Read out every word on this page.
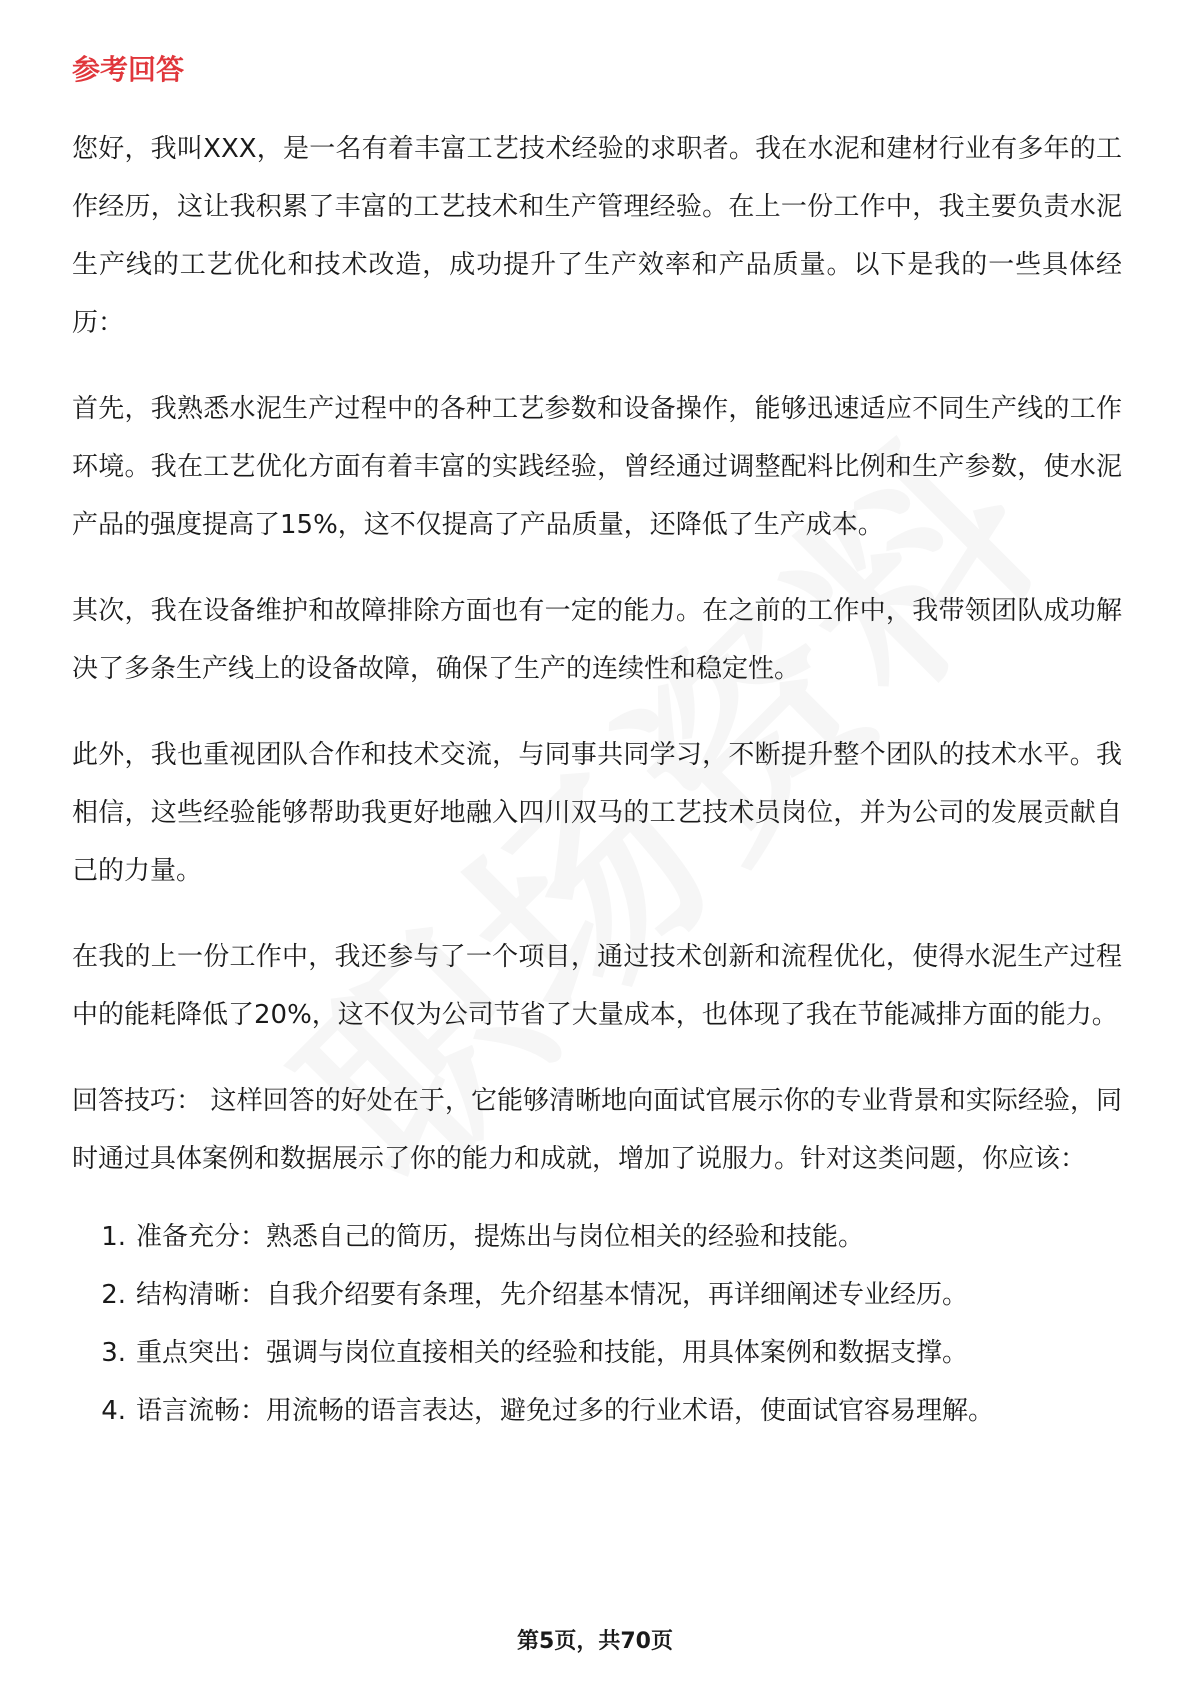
参考回答

您好，我叫XXX，是一名有着丰富工艺技术经验的求职者。我在水泥和建材行业有多年的工作经历，这让我积累了丰富的工艺技术和生产管理经验。在上一份工作中，我主要负责水泥生产线的工艺优化和技术改造，成功提升了生产效率和产品质量。以下是我的一些具体经历：

首先，我熟悉水泥生产过程中的各种工艺参数和设备操作，能够迅速适应不同生产线的工作环境。我在工艺优化方面有着丰富的实践经验，曾经通过调整配料比例和生产参数，使水泥产品的强度提高了15%，这不仅提高了产品质量，还降低了生产成本。

其次，我在设备维护和故障排除方面也有一定的能力。在之前的工作中，我带领团队成功解决了多条生产线上的设备故障，确保了生产的连续性和稳定性。

此外，我也重视团队合作和技术交流，与同事共同学习，不断提升整个团队的技术水平。我相信，这些经验能够帮助我更好地融入四川双马的工艺技术员岗位，并为公司的发展贡献自己的力量。

在我的上一份工作中，我还参与了一个项目，通过技术创新和流程优化，使得水泥生产过程中的能耗降低了20%，这不仅为公司节省了大量成本，也体现了我在节能减排方面的能力。

回答技巧： 这样回答的好处在于，它能够清晰地向面试官展示你的专业背景和实际经验，同时通过具体案例和数据展示了你的能力和成就，增加了说服力。针对这类问题，你应该：

1. 准备充分：熟悉自己的简历，提炼出与岗位相关的经验和技能。
2. 结构清晰：自我介绍要有条理，先介绍基本情况，再详细阐述专业经历。
3. 重点突出：强调与岗位直接相关的经验和技能，用具体案例和数据支撑。
4. 语言流畅：用流畅的语言表达，避免过多的行业术语，使面试官容易理解。
第5页，共70页
